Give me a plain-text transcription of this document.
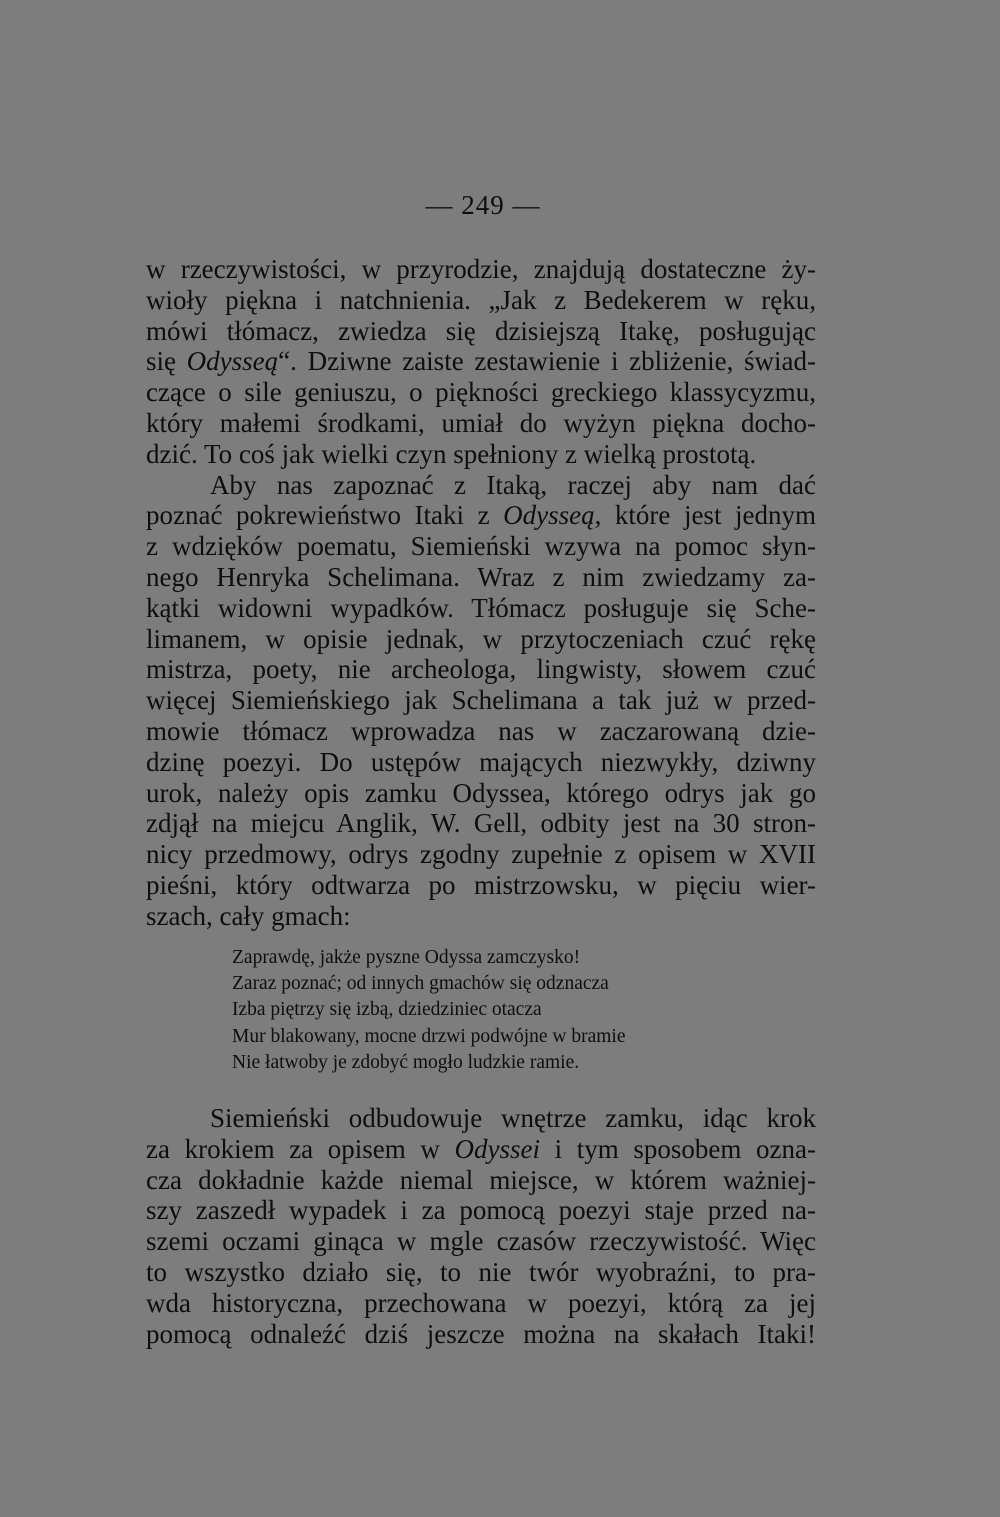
— 249 —
w rzeczywistości, w przyrodzie, znajdują dostateczne ży-
wioły piękna i natchnienia. „Jak z Bedekerem w ręku,
mówi tłómacz, zwiedza się dzisiejszą Itakę, posługując
się Odysseą“. Dziwne zaiste zestawienie i zbliżenie, świad-
czące o sile geniuszu, o piękności greckiego klassycyzmu,
który małemi środkami, umiał do wyżyn piękna docho-
dzić. To coś jak wielki czyn spełniony z wielką prostotą.
Aby nas zapoznać z Itaką, raczej aby nam dać
poznać pokrewieństwo Itaki z Odysseą, które jest jednym
z wdzięków poematu, Siemieński wzywa na pomoc słyn-
nego Henryka Schelimana. Wraz z nim zwiedzamy za-
kątki widowni wypadków. Tłómacz posługuje się Sche-
limanem, w opisie jednak, w przytoczeniach czuć rękę
mistrza, poety, nie archeologa, lingwisty, słowem czuć
więcej Siemieńskiego jak Schelimana a tak już w przed-
mowie tłómacz wprowadza nas w zaczarowaną dzie-
dzinę poezyi. Do ustępów mających niezwykły, dziwny
urok, należy opis zamku Odyssea, którego odrys jak go
zdjął na miejcu Anglik, W. Gell, odbity jest na 30 stron-
nicy przedmowy, odrys zgodny zupełnie z opisem w XVII
pieśni, który odtwarza po mistrzowsku, w pięciu wier-
szach, cały gmach:
Zaprawdę, jakże pyszne Odyssa zamczysko!
Zaraz poznać; od innych gmachów się odznacza
Izba piętrzy się izbą, dziedziniec otacza
Mur blakowany, mocne drzwi podwójne w bramie
Nie łatwoby je zdobyć mogło ludzkie ramie.
Siemieński odbudowuje wnętrze zamku, idąc krok
za krokiem za opisem w Odyssei i tym sposobem ozna-
cza dokładnie każde niemal miejsce, w którem ważniej-
szy zaszedł wypadek i za pomocą poezyi staje przed na-
szemi oczami ginąca w mgle czasów rzeczywistość. Więc
to wszystko działo się, to nie twór wyobraźni, to pra-
wda historyczna, przechowana w poezyi, którą za jej
pomocą odnaleźć dziś jeszcze można na skałach Itaki!
